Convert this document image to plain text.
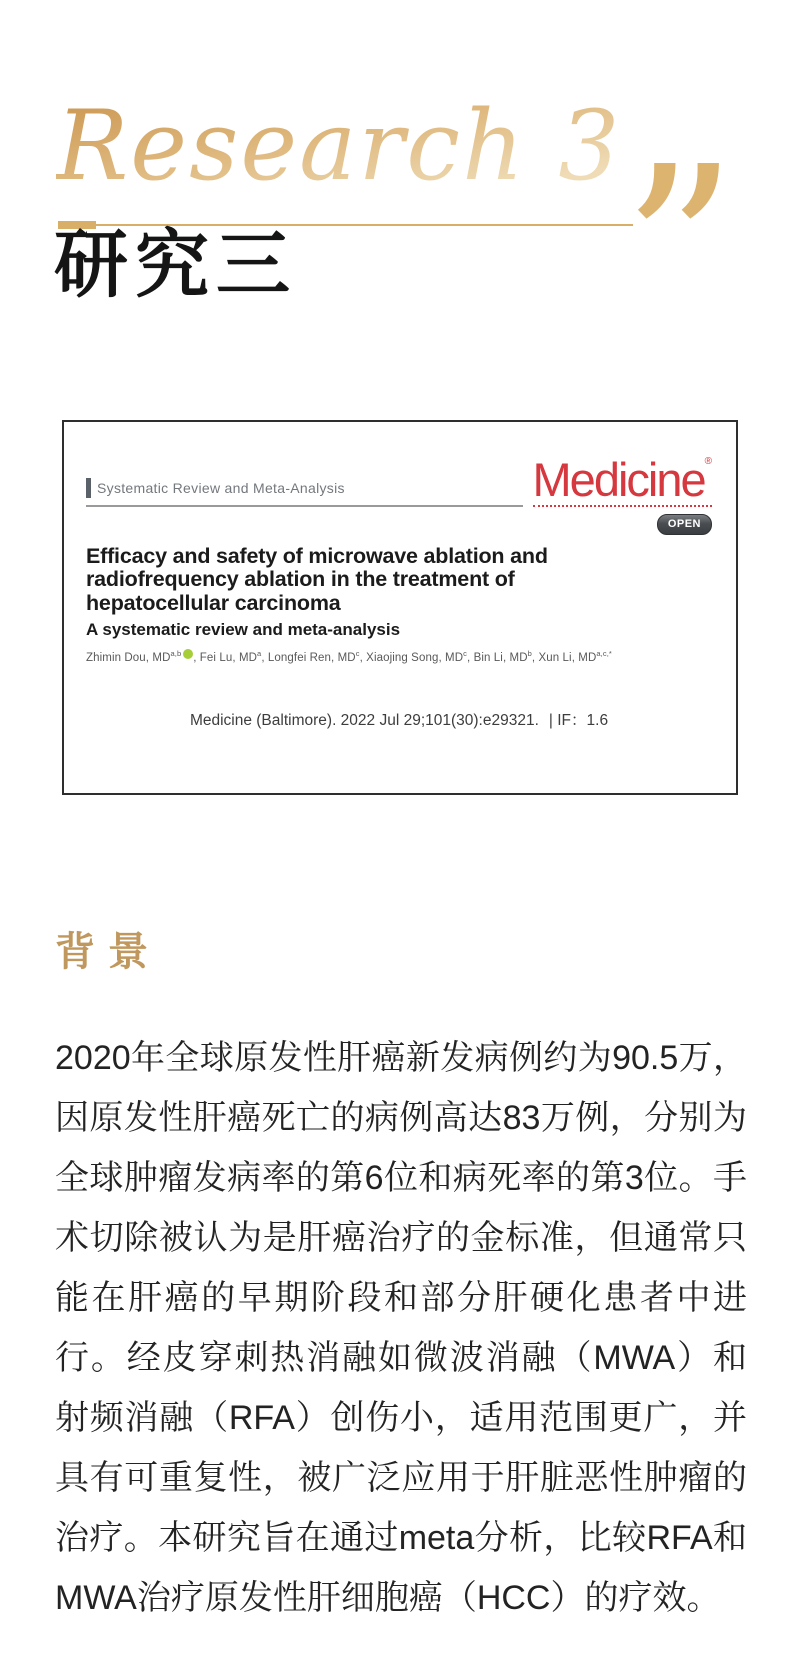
Research 3 ”
研究三
Systematic Review and Meta-Analysis	Medicine®
OPEN
Efficacy and safety of microwave ablation and
radiofrequency ablation in the treatment of
hepatocellular carcinoma
A systematic review and meta-analysis
Zhimin Dou, MD$^{a,b}$ , Fei Lu, $MD^a$, Longfei Ren, $MD^c$, Xiaojing Song, $MD^c$, Bin Li, $MD^b$, Xun Li, $MD^{a,c,*}$
Medicine (Baltimore). 2022 Jul 29;101(30):e29321. | IF：1.6
背景

2020年全球原发性肝癌新发病例约为90.5万，因原发性肝癌死亡的病例高达83万例，分别为全球肿瘤发病率的第6位和病死率的第3位。手术切除被认为是肝癌治疗的金标准，但通常只能在肝癌的早期阶段和部分肝硬化患者中进行。经皮穿刺热消融如微波消融（MWA）和射频消融（RFA）创伤小，适用范围更广，并具有可重复性，被广泛应用于肝脏恶性肿瘤的治疗。本研究旨在通过meta分析，比较RFA和MWA治疗原发性肝细胞癌（HCC）的疗效。
